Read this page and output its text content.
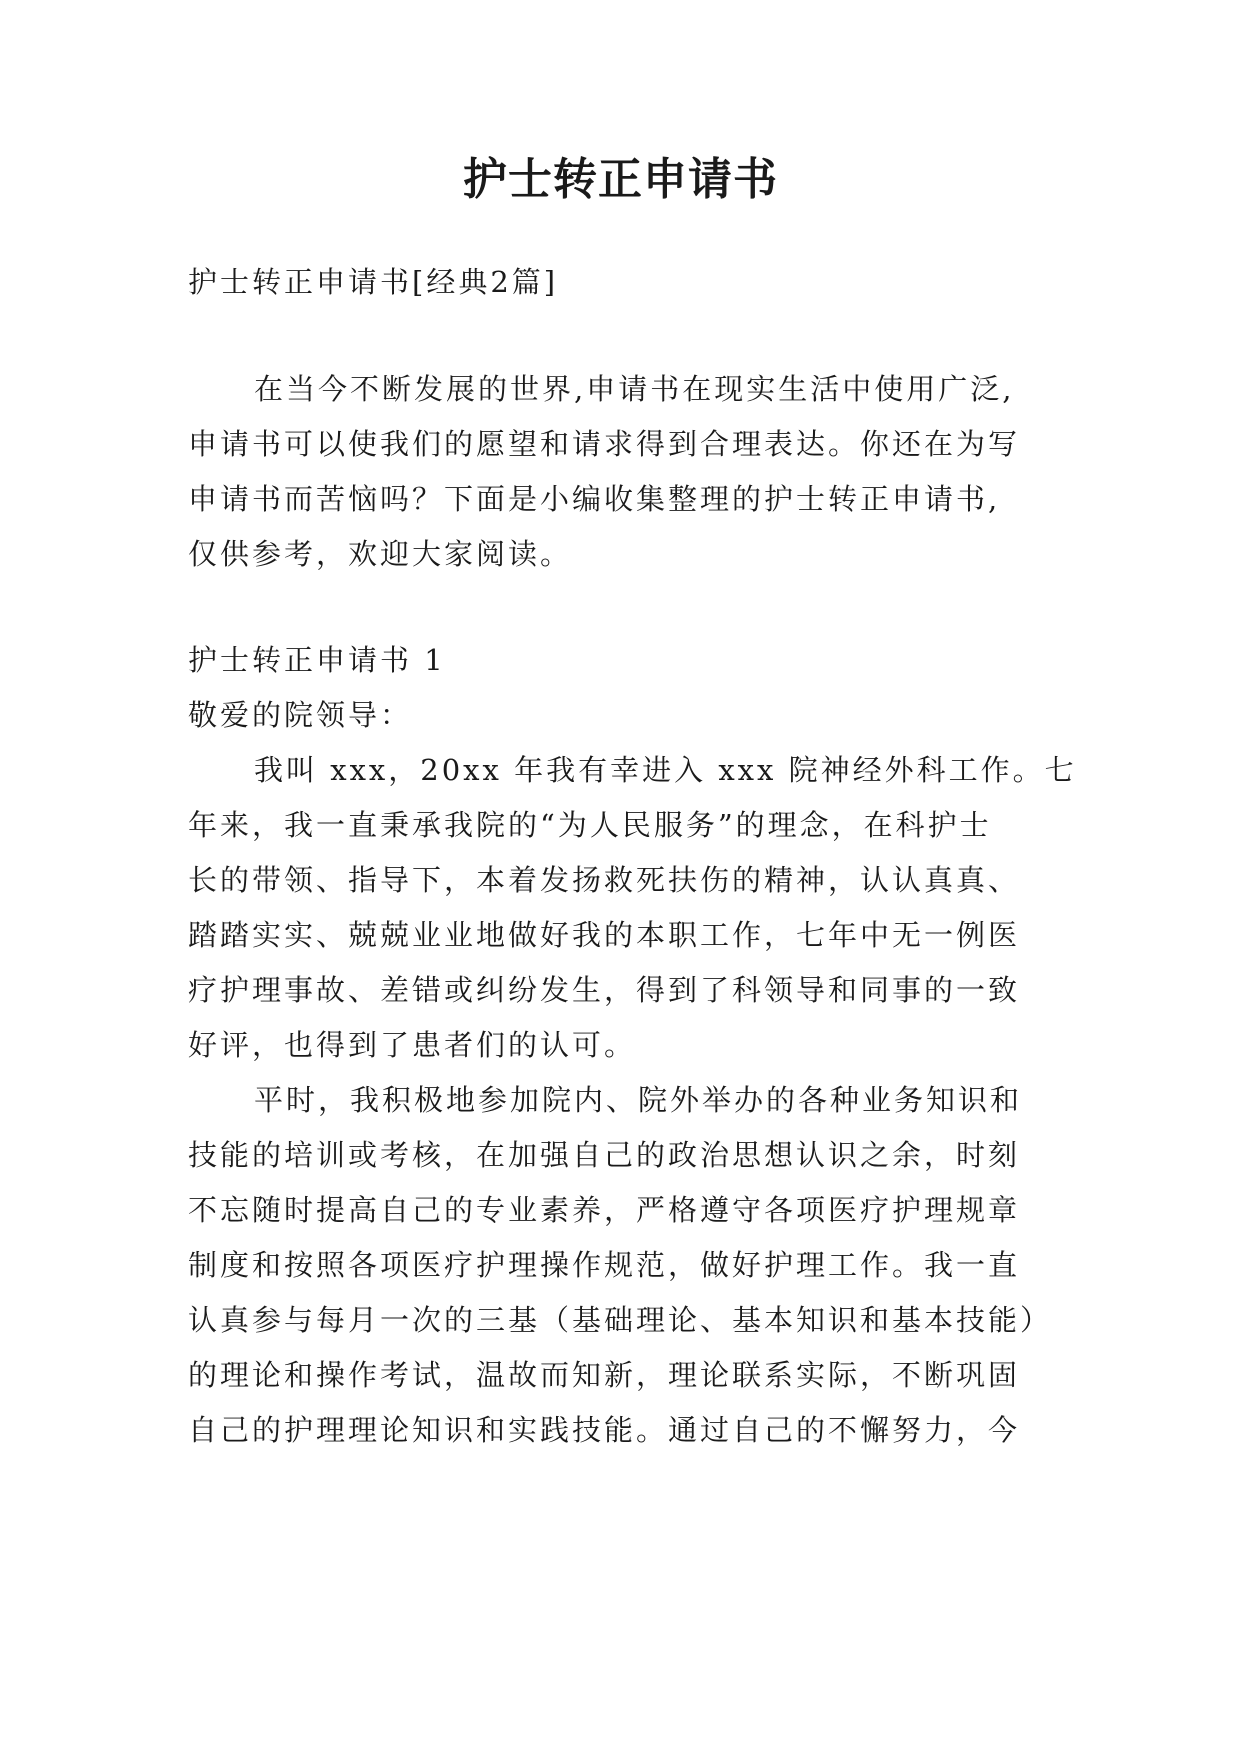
护士转正申请书
护士转正申请书[经典2篇]
在当今不断发展的世界,申请书在现实生活中使用广泛,
申请书可以使我们的愿望和请求得到合理表达。你还在为写
申请书而苦恼吗？下面是小编收集整理的护士转正申请书,
仅供参考，欢迎大家阅读。
护士转正申请书 1
敬爱的院领导：
我叫 xxx，20xx 年我有幸进入 xxx 院神经外科工作。七
年来，我一直秉承我院的“为人民服务”的理念，在科护士
长的带领、指导下，本着发扬救死扶伤的精神，认认真真、
踏踏实实、兢兢业业地做好我的本职工作，七年中无一例医
疗护理事故、差错或纠纷发生，得到了科领导和同事的一致
好评，也得到了患者们的认可。
平时，我积极地参加院内、院外举办的各种业务知识和
技能的培训或考核，在加强自己的政治思想认识之余，时刻
不忘随时提高自己的专业素养，严格遵守各项医疗护理规章
制度和按照各项医疗护理操作规范，做好护理工作。我一直
认真参与每月一次的三基（基础理论、基本知识和基本技能）
的理论和操作考试，温故而知新，理论联系实际，不断巩固
自己的护理理论知识和实践技能。通过自己的不懈努力，今
